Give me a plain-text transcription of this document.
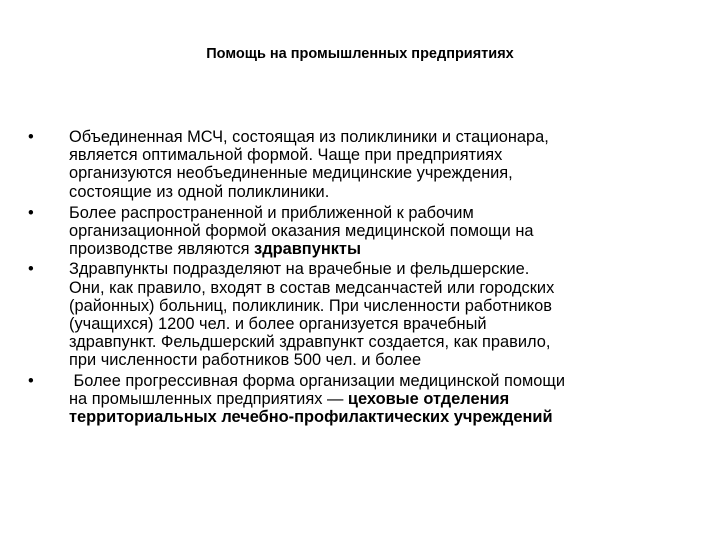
Помощь на промышленных предприятиях
•	Объединенная МСЧ, состоящая из поликлиники и стационара,
является оптимальной формой. Чаще при предприятиях
организуются необъединенные медицинские учреждения,
состоящие из одной поликлиники.
•	Более распространенной и приближенной к рабочим
организационной формой оказания медицинской помощи на
производстве являются здравпункты
•	Здравпункты подразделяют на врачебные и фельдшерские.
Они, как правило, входят в состав медсанчастей или городских
(районных) больниц, поликлиник. При численности работников
(учащихся) 1200 чел. и более организуется врачебный
здравпункт. Фельдшерский здравпункт создается, как правило,
при численности работников 500 чел. и более
•	Более прогрессивная форма организации медицинской помощи
на промышленных предприятиях — цеховые отделения
территориальных лечебно-профилактических учреждений
